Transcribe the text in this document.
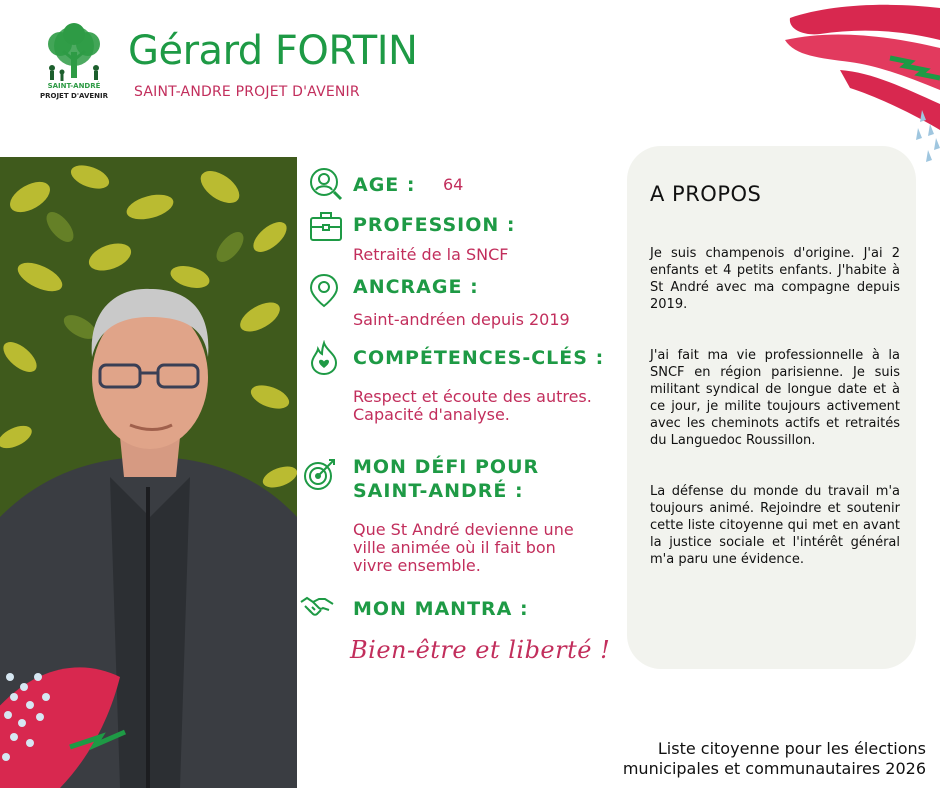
SAINT-ANDRÉ
PROJET D'AVENIR
Gérard FORTIN
SAINT-ANDRE PROJET D'AVENIR
AGE : 64
PROFESSION :
Retraité de la SNCF
ANCRAGE :
Saint-andréen depuis 2019
COMPÉTENCES-CLÉS :
Respect et écoute des autres.
Capacité d'analyse.
MON DÉFI POUR
SAINT-ANDRÉ :
Que St André devienne une
ville animée où il fait bon
vivre ensemble.
MON MANTRA :
Bien-être et liberté !
A PROPOS
Je suis champenois d'origine. J'ai 2 enfants et 4 petits enfants. J'habite à St André avec ma compagne depuis 2019.
J'ai fait ma vie professionnelle à la SNCF en région parisienne. Je suis militant syndical de longue date et à ce jour, je milite toujours activement avec les cheminots actifs et retraités du Languedoc Roussillon.
La défense du monde du travail m'a toujours animé. Rejoindre et soutenir cette liste citoyenne qui met en avant la justice sociale et l'intérêt général m'a paru une évidence.
Liste citoyenne pour les élections
municipales et communautaires 2026
